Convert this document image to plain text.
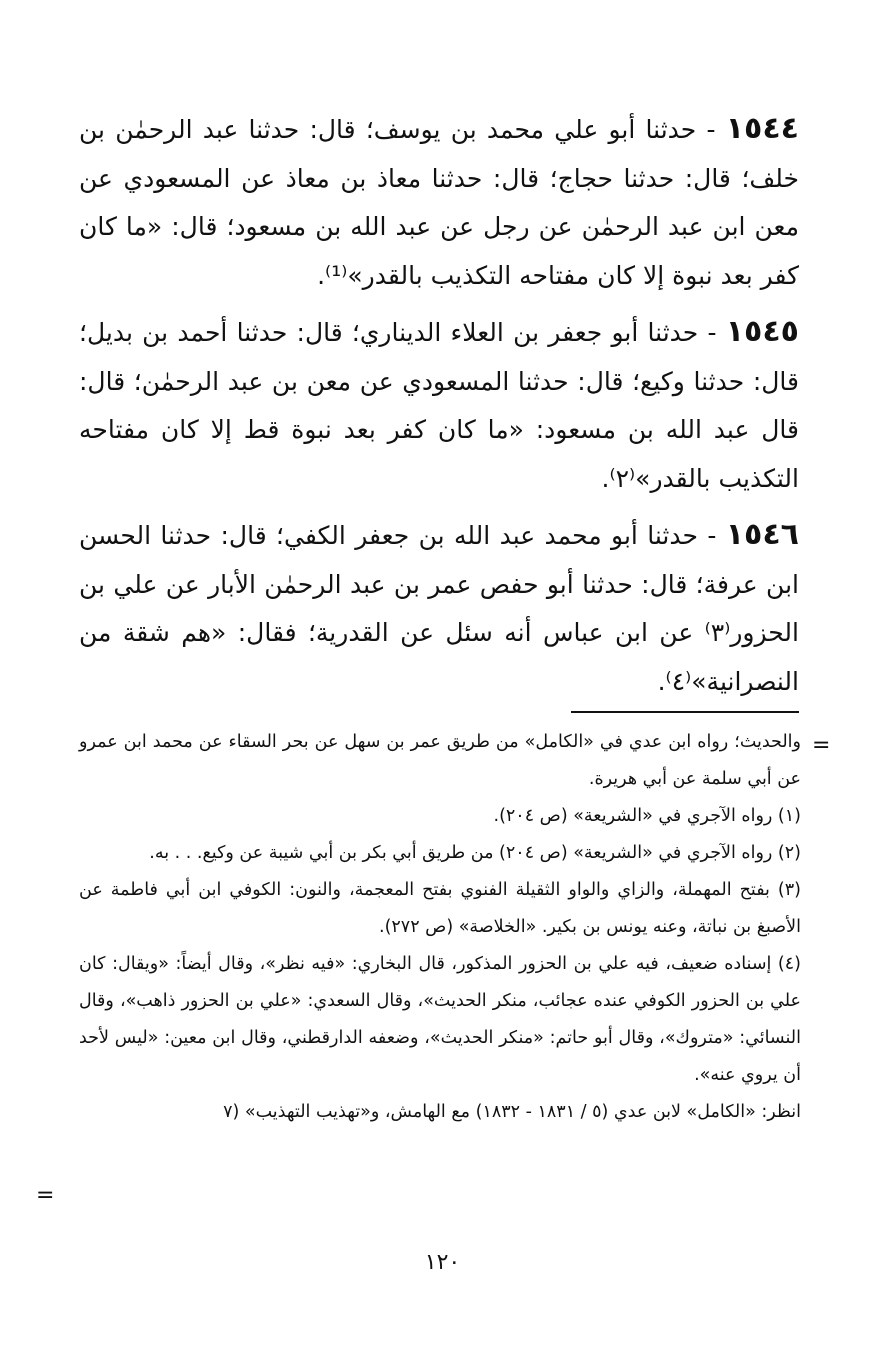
١٥٤٤ - حدثنا أبو علي محمد بن يوسف؛ قال: حدثنا عبد الرحمٰن بن خلف؛ قال: حدثنا حجاج؛ قال: حدثنا معاذ بن معاذ عن المسعودي عن معن ابن عبد الرحمٰن عن رجل عن عبد الله بن مسعود؛ قال: «ما كان كفر بعد نبوة إلا كان مفتاحه التكذيب بالقدر»⁽¹⁾.

١٥٤٥ - حدثنا أبو جعفر بن العلاء الديناري؛ قال: حدثنا أحمد بن بديل؛ قال: حدثنا وكيع؛ قال: حدثنا المسعودي عن معن بن عبد الرحمٰن؛ قال: قال عبد الله بن مسعود: «ما كان كفر بعد نبوة قط إلا كان مفتاحه التكذيب بالقدر»⁽٢⁾.

١٥٤٦ - حدثنا أبو محمد عبد الله بن جعفر الكفي؛ قال: حدثنا الحسن ابن عرفة؛ قال: حدثنا أبو حفص عمر بن عبد الرحمٰن الأبار عن علي بن الحزور⁽٣⁾ عن ابن عباس أنه سئل عن القدرية؛ فقال: «هم شقة من النصرانية»⁽٤⁾.

=

والحديث؛ رواه ابن عدي في «الكامل» من طريق عمر بن سهل عن بحر السقاء عن محمد ابن عمرو عن أبي سلمة عن أبي هريرة.

(١) رواه الآجري في «الشريعة» (ص ٢٠٤).

(٢) رواه الآجري في «الشريعة» (ص ٢٠٤) من طريق أبي بكر بن أبي شيبة عن وكيع. . . به.

(٣) بفتح المهملة، والزاي والواو الثقيلة الفنوي بفتح المعجمة، والنون: الكوفي ابن أبي فاطمة عن الأصبغ بن نباتة، وعنه يونس بن بكير. «الخلاصة» (ص ٢٧٢).

(٤) إسناده ضعيف، فيه علي بن الحزور المذكور، قال البخاري: «فيه نظر»، وقال أيضاً: «ويقال: كان علي بن الحزور الكوفي عنده عجائب، منكر الحديث»، وقال السعدي: «علي بن الحزور ذاهب»، وقال النسائي: «متروك»، وقال أبو حاتم: «منكر الحديث»، وضعفه الدارقطني، وقال ابن معين: «ليس لأحد أن يروي عنه».

انظر: «الكامل» لابن عدي (٥ / ١٨٣١ - ١٨٣٢) مع الهامش، و«تهذيب التهذيب» (٧

=
١٢٠
